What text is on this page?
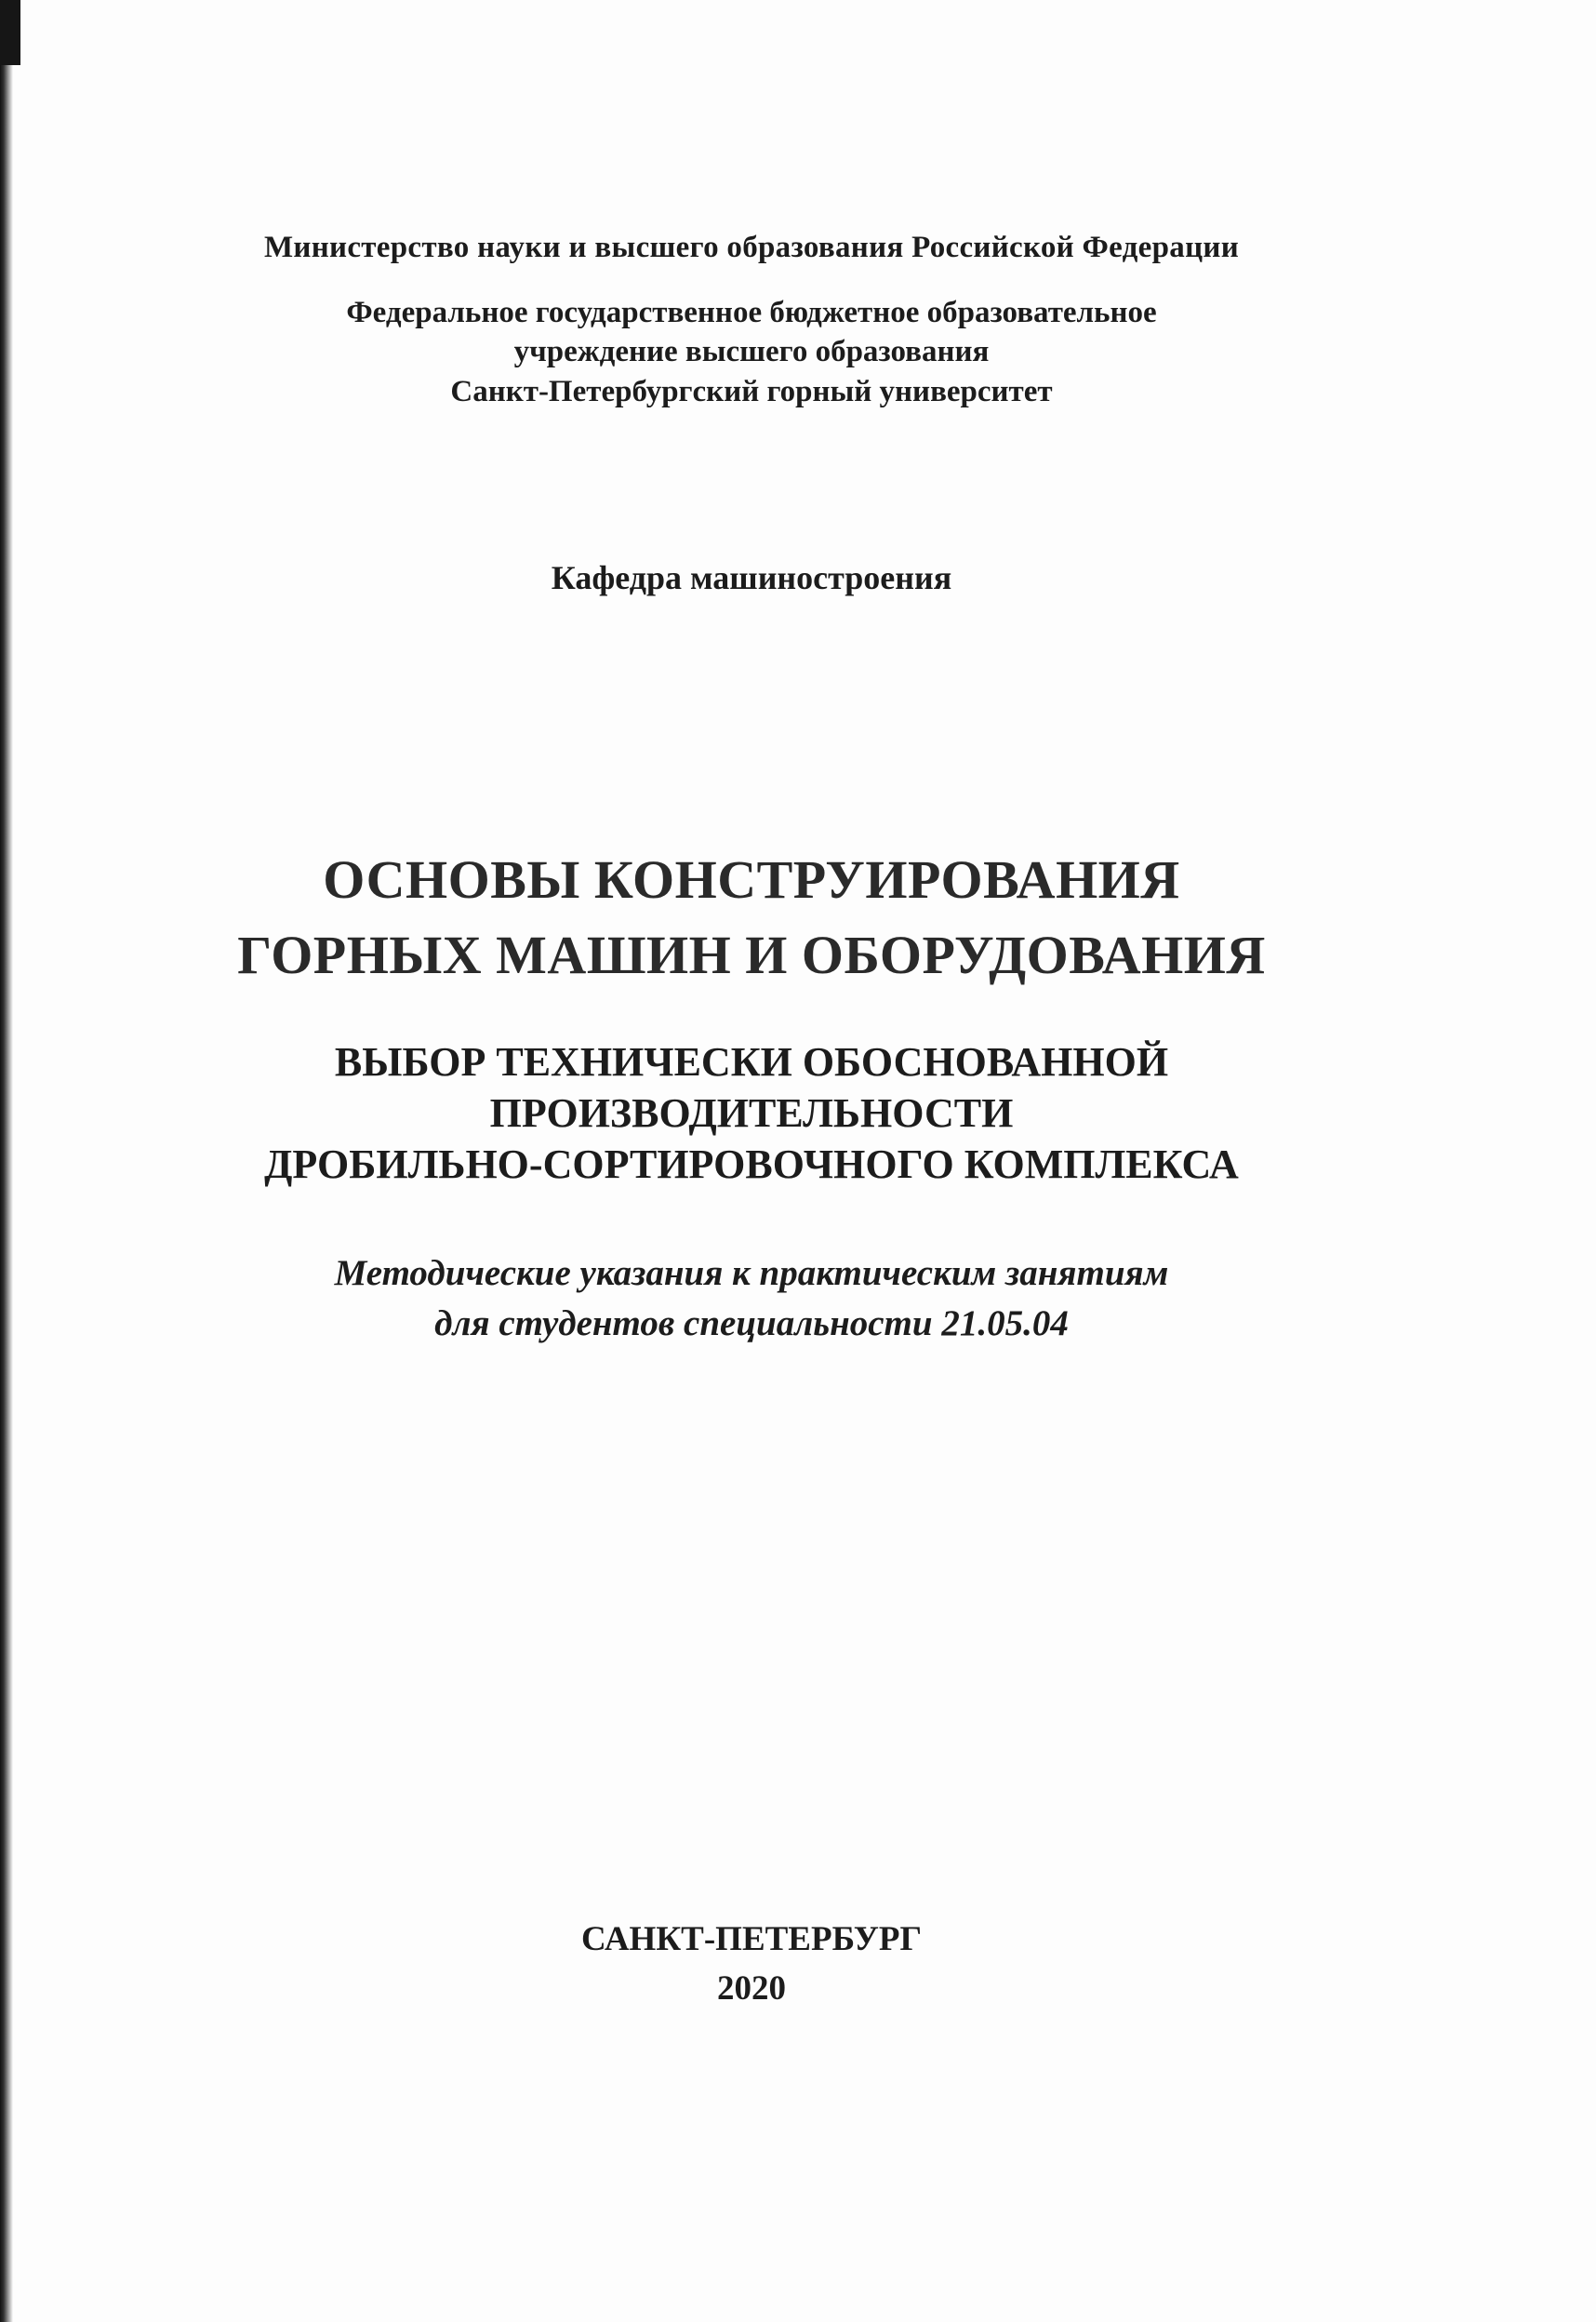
Министерство науки и высшего образования Российской Федерации
Федеральное государственное бюджетное образовательное
учреждение высшего образования
Санкт-Петербургский горный университет
Кафедра машиностроения
ОСНОВЫ КОНСТРУИРОВАНИЯ
ГОРНЫХ МАШИН И ОБОРУДОВАНИЯ
ВЫБОР ТЕХНИЧЕСКИ ОБОСНОВАННОЙ
ПРОИЗВОДИТЕЛЬНОСТИ
ДРОБИЛЬНО-СОРТИРОВОЧНОГО КОМПЛЕКСА
Методические указания к практическим занятиям
для студентов специальности 21.05.04
САНКТ-ПЕТЕРБУРГ
2020
